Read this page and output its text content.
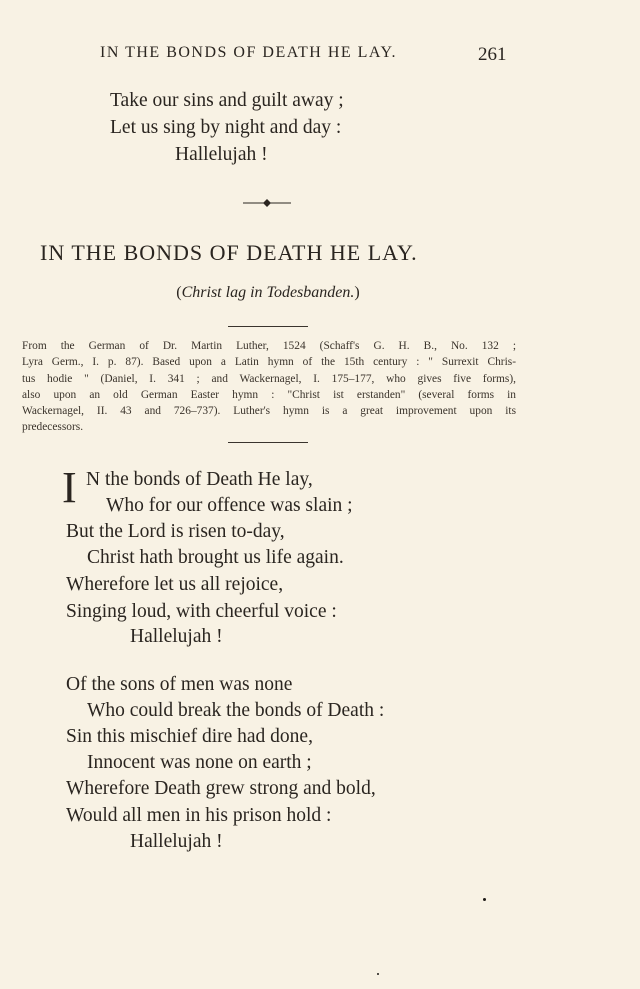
IN THE BONDS OF DEATH HE LAY.	261
Take our sins and guilt away ;
Let us sing by night and day :
Hallelujah !
IN THE BONDS OF DEATH HE LAY.
(Christ lag in Todesbanden.)
From the German of Dr. Martin Luther, 1524 (Schaff's G. H. B., No. 132 ;
Lyra Germ., I. p. 87). Based upon a Latin hymn of the 15th century : " Surrexit Chris-
tus hodie " (Daniel, I. 341 ; and Wackernagel, I. 175–177, who gives five forms),
also upon an old German Easter hymn : "Christ ist erstanden" (several forms in
Wackernagel, II. 43 and 726–737). Luther's hymn is a great improvement upon its
predecessors.
I N the bonds of Death He lay,
Who for our offence was slain ;
But the Lord is risen to-day,
Christ hath brought us life again.
Wherefore let us all rejoice,
Singing loud, with cheerful voice :
Hallelujah !
Of the sons of men was none
Who could break the bonds of Death :
Sin this mischief dire had done,
Innocent was none on earth ;
Wherefore Death grew strong and bold,
Would all men in his prison hold :
Hallelujah !
